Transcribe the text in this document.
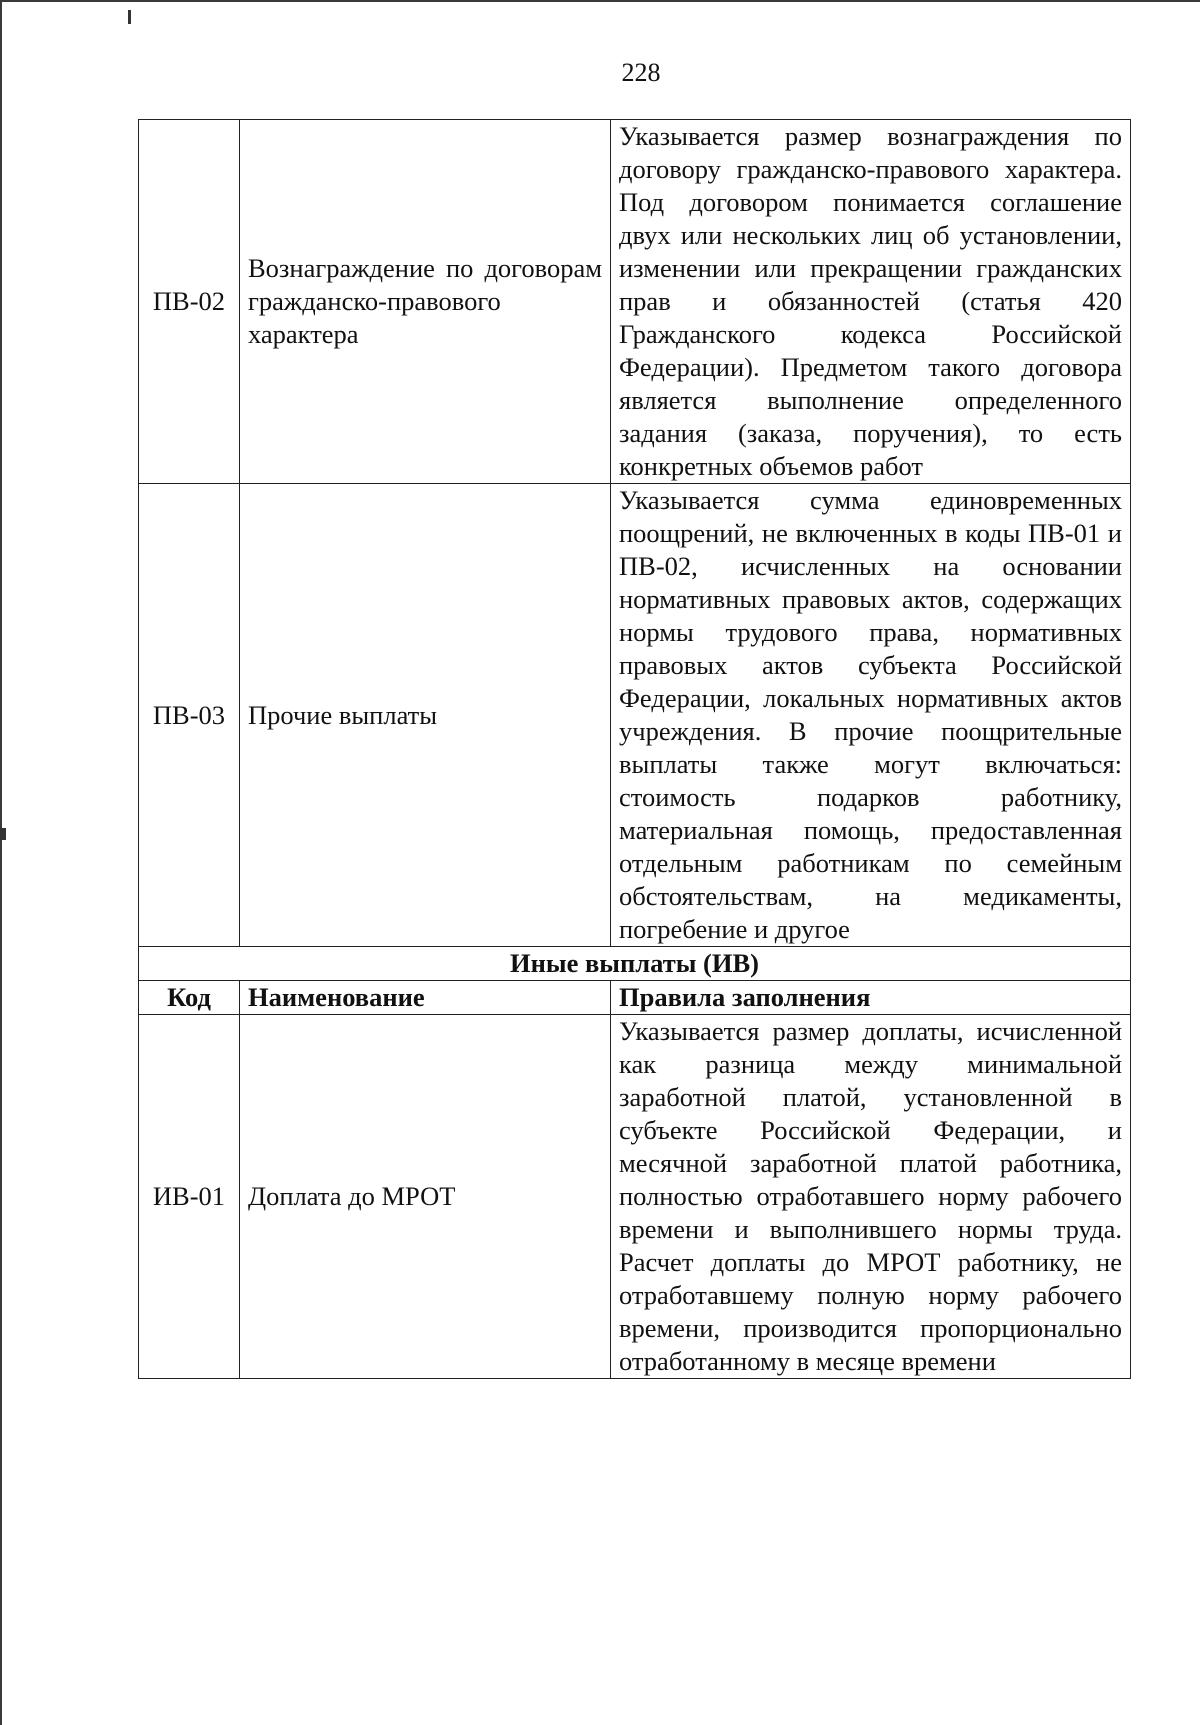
228
ПВ-02	Вознаграждение по договорам гражданско-правового характера	Указывается размер вознаграждения по договору гражданско-правового характера. Под договором понимается соглашение двух или нескольких лиц об установлении, изменении или прекращении гражданских прав и обязанностей (статья 420 Гражданского кодекса Российской Федерации). Предметом такого договора является выполнение определенного задания (заказа, поручения), то есть конкретных объемов работ
ПВ-03	Прочие выплаты	Указывается сумма единовременных поощрений, не включенных в коды ПВ-01 и ПВ-02, исчисленных на основании нормативных правовых актов, содержащих нормы трудового права, нормативных правовых актов субъекта Российской Федерации, локальных нормативных актов учреждения. В прочие поощрительные выплаты также могут включаться: стоимость подарков работнику, материальная помощь, предоставленная отдельным работникам по семейным обстоятельствам, на медикаменты, погребение и другое
Иные выплаты (ИВ)		
Код	Наименование	Правила заполнения
ИВ-01	Доплата до МРОТ	Указывается размер доплаты, исчисленной как разница между минимальной заработной платой, установленной в субъекте Российской Федерации, и месячной заработной платой работника, полностью отработавшего норму рабочего времени и выполнившего нормы труда. Расчет доплаты до МРОТ работнику, не отработавшему полную норму рабочего времени, производится пропорционально отработанному в месяце времени
